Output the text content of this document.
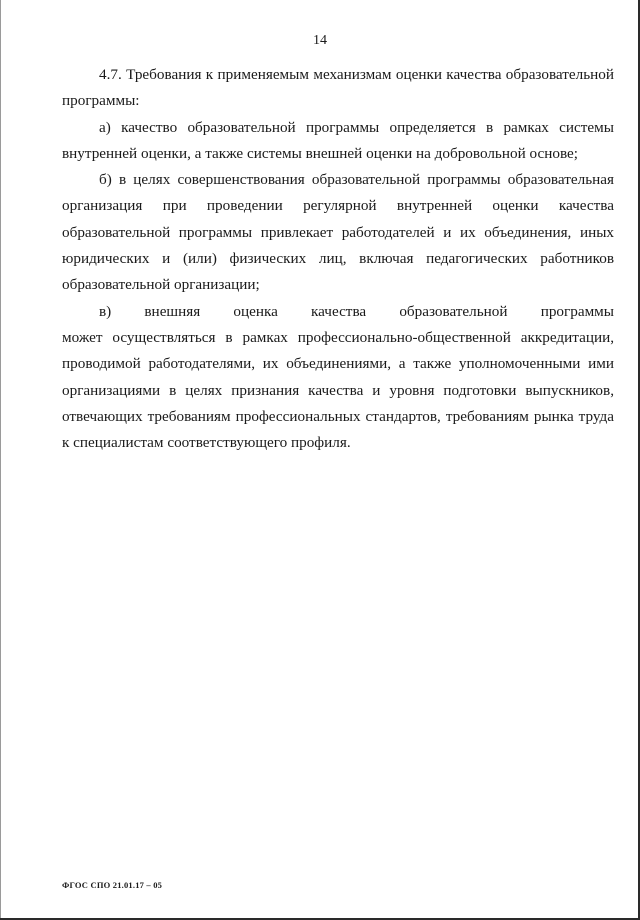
14

4.7. Требования к применяемым механизмам оценки качества образовательной программы:

а) качество образовательной программы определяется в рамках системы внутренней оценки, а также системы внешней оценки на добровольной основе;

б) в целях совершенствования образовательной программы образовательная организация при проведении регулярной внутренней оценки качества образовательной программы привлекает работодателей и их объединения, иных юридических и (или) физических лиц, включая педагогических работников образовательной организации;

в) внешняя оценка качества образовательной программы

может осуществляться в рамках профессионально-общественной аккредитации, проводимой работодателями, их объединениями, а также уполномоченными ими организациями в целях признания качества и уровня подготовки выпускников, отвечающих требованиям профессиональных стандартов, требованиям рынка труда к специалистам соответствующего профиля.

ФГОС СПО 21.01.17 – 05
